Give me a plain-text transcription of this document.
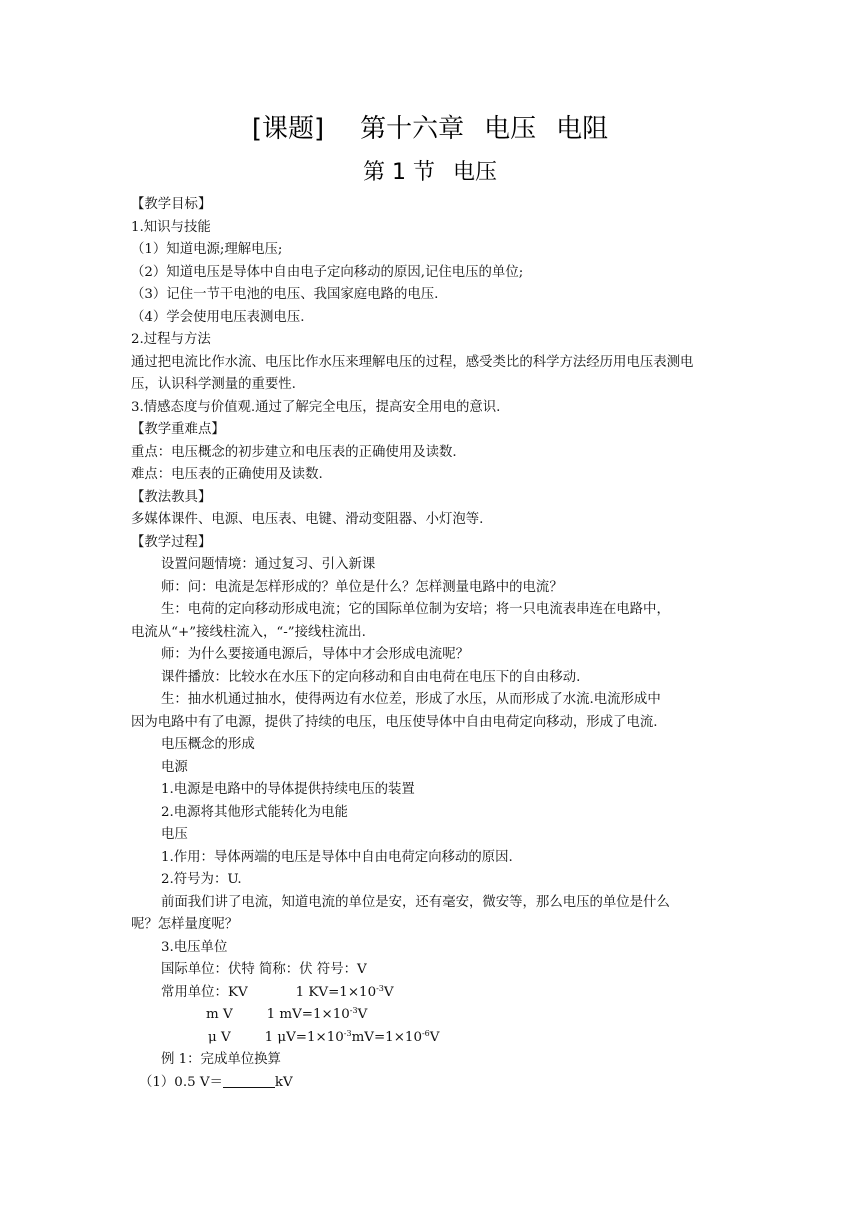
[课题] 第十六章 电压 电阻
第 1 节 电压
【教学目标】
1.知识与技能
（1）知道电源;理解电压;
（2）知道电压是导体中自由电子定向移动的原因,记住电压的单位;
（3）记住一节干电池的电压、我国家庭电路的电压.
（4）学会使用电压表测电压.
2.过程与方法
通过把电流比作水流、电压比作水压来理解电压的过程，感受类比的科学方法经历用电压表测电
压，认识科学测量的重要性.
3.情感态度与价值观.通过了解完全电压，提高安全用电的意识.
【教学重难点】
重点：电压概念的初步建立和电压表的正确使用及读数.
难点：电压表的正确使用及读数.
【教法教具】
多媒体课件、电源、电压表、电键、滑动变阻器、小灯泡等.
【教学过程】
设置问题情境：通过复习、引入新课
师：问：电流是怎样形成的？单位是什么？怎样测量电路中的电流？
生：电荷的定向移动形成电流；它的国际单位制为安培；将一只电流表串连在电路中，
电流从“+”接线柱流入，“-”接线柱流出.
师：为什么要接通电源后，导体中才会形成电流呢？
课件播放：比较水在水压下的定向移动和自由电荷在电压下的自由移动.
生：抽水机通过抽水，使得两边有水位差，形成了水压，从而形成了水流.电流形成中
因为电路中有了电源，提供了持续的电压，电压使导体中自由电荷定向移动，形成了电流.
电压概念的形成
电源
1.电源是电路中的导体提供持续电压的装置
2.电源将其他形式能转化为电能
电压
1.作用：导体两端的电压是导体中自由电荷定向移动的原因.
2.符号为：U.
前面我们讲了电流，知道电流的单位是安，还有毫安，微安等，那么电压的单位是什么
呢？怎样量度呢？
3.电压单位
国际单位：伏特 简称：伏 符号：V
常用单位：KV	1 $KV=1\times 10^{-3}V$
m V	1 $mV=1\times 10^{-3}V$
μ V	1 $\mu V=1\times 10^{-3}mV=1\times 10^{-6}V$
例 1：完成单位换算
（1）0.5 V＝	kV
